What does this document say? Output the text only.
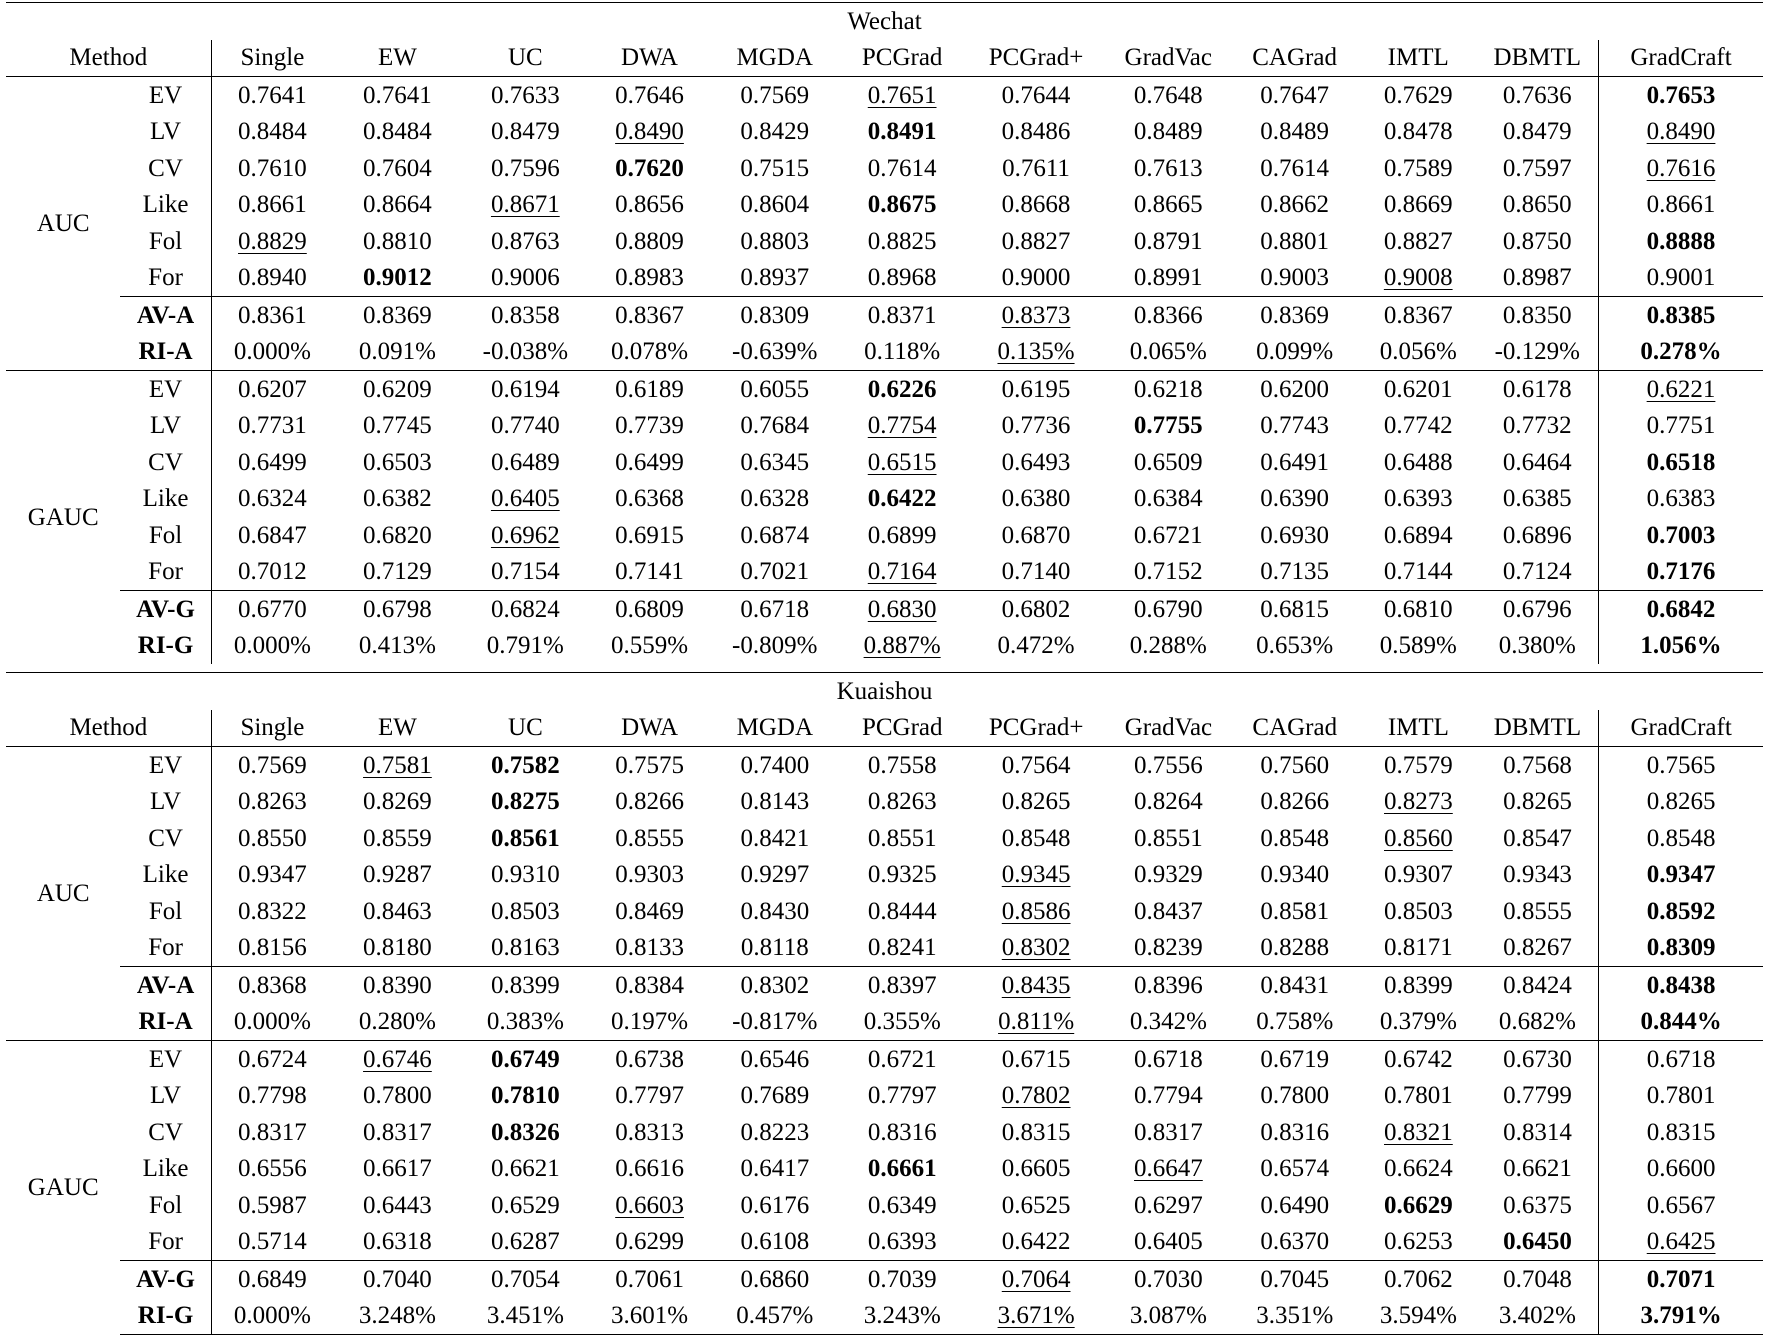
Wechat													
Method		Single	EW	UC	DWA	MGDA	PCGrad	PCGrad+	GradVac	CAGrad	IMTL	DBMTL	GradCraft
AUC	EV	0.7641	0.7641	0.7633	0.7646	0.7569	0.7651	0.7644	0.7648	0.7647	0.7629	0.7636	0.7653
	LV	0.8484	0.8484	0.8479	0.8490	0.8429	0.8491	0.8486	0.8489	0.8489	0.8478	0.8479	0.8490
	CV	0.7610	0.7604	0.7596	0.7620	0.7515	0.7614	0.7611	0.7613	0.7614	0.7589	0.7597	0.7616
	Like	0.8661	0.8664	0.8671	0.8656	0.8604	0.8675	0.8668	0.8665	0.8662	0.8669	0.8650	0.8661
	Fol	0.8829	0.8810	0.8763	0.8809	0.8803	0.8825	0.8827	0.8791	0.8801	0.8827	0.8750	0.8888
	For	0.8940	0.9012	0.9006	0.8983	0.8937	0.8968	0.9000	0.8991	0.9003	0.9008	0.8987	0.9001
	AV-A	0.8361	0.8369	0.8358	0.8367	0.8309	0.8371	0.8373	0.8366	0.8369	0.8367	0.8350	0.8385
	RI-A	0.000%	0.091%	-0.038%	0.078%	-0.639%	0.118%	0.135%	0.065%	0.099%	0.056%	-0.129%	0.278%
GAUC	EV	0.6207	0.6209	0.6194	0.6189	0.6055	0.6226	0.6195	0.6218	0.6200	0.6201	0.6178	0.6221
	LV	0.7731	0.7745	0.7740	0.7739	0.7684	0.7754	0.7736	0.7755	0.7743	0.7742	0.7732	0.7751
	CV	0.6499	0.6503	0.6489	0.6499	0.6345	0.6515	0.6493	0.6509	0.6491	0.6488	0.6464	0.6518
	Like	0.6324	0.6382	0.6405	0.6368	0.6328	0.6422	0.6380	0.6384	0.6390	0.6393	0.6385	0.6383
	Fol	0.6847	0.6820	0.6962	0.6915	0.6874	0.6899	0.6870	0.6721	0.6930	0.6894	0.6896	0.7003
	For	0.7012	0.7129	0.7154	0.7141	0.7021	0.7164	0.7140	0.7152	0.7135	0.7144	0.7124	0.7176
	AV-G	0.6770	0.6798	0.6824	0.6809	0.6718	0.6830	0.6802	0.6790	0.6815	0.6810	0.6796	0.6842
	RI-G	0.000%	0.413%	0.791%	0.559%	-0.809%	0.887%	0.472%	0.288%	0.653%	0.589%	0.380%	1.056%
Kuaishou													
Method		Single	EW	UC	DWA	MGDA	PCGrad	PCGrad+	GradVac	CAGrad	IMTL	DBMTL	GradCraft
AUC	EV	0.7569	0.7581	0.7582	0.7575	0.7400	0.7558	0.7564	0.7556	0.7560	0.7579	0.7568	0.7565
	LV	0.8263	0.8269	0.8275	0.8266	0.8143	0.8263	0.8265	0.8264	0.8266	0.8273	0.8265	0.8265
	CV	0.8550	0.8559	0.8561	0.8555	0.8421	0.8551	0.8548	0.8551	0.8548	0.8560	0.8547	0.8548
	Like	0.9347	0.9287	0.9310	0.9303	0.9297	0.9325	0.9345	0.9329	0.9340	0.9307	0.9343	0.9347
	Fol	0.8322	0.8463	0.8503	0.8469	0.8430	0.8444	0.8586	0.8437	0.8581	0.8503	0.8555	0.8592
	For	0.8156	0.8180	0.8163	0.8133	0.8118	0.8241	0.8302	0.8239	0.8288	0.8171	0.8267	0.8309
	AV-A	0.8368	0.8390	0.8399	0.8384	0.8302	0.8397	0.8435	0.8396	0.8431	0.8399	0.8424	0.8438
	RI-A	0.000%	0.280%	0.383%	0.197%	-0.817%	0.355%	0.811%	0.342%	0.758%	0.379%	0.682%	0.844%
GAUC	EV	0.6724	0.6746	0.6749	0.6738	0.6546	0.6721	0.6715	0.6718	0.6719	0.6742	0.6730	0.6718
	LV	0.7798	0.7800	0.7810	0.7797	0.7689	0.7797	0.7802	0.7794	0.7800	0.7801	0.7799	0.7801
	CV	0.8317	0.8317	0.8326	0.8313	0.8223	0.8316	0.8315	0.8317	0.8316	0.8321	0.8314	0.8315
	Like	0.6556	0.6617	0.6621	0.6616	0.6417	0.6661	0.6605	0.6647	0.6574	0.6624	0.6621	0.6600
	Fol	0.5987	0.6443	0.6529	0.6603	0.6176	0.6349	0.6525	0.6297	0.6490	0.6629	0.6375	0.6567
	For	0.5714	0.6318	0.6287	0.6299	0.6108	0.6393	0.6422	0.6405	0.6370	0.6253	0.6450	0.6425
	AV-G	0.6849	0.7040	0.7054	0.7061	0.6860	0.7039	0.7064	0.7030	0.7045	0.7062	0.7048	0.7071
	RI-G	0.000%	3.248%	3.451%	3.601%	0.457%	3.243%	3.671%	3.087%	3.351%	3.594%	3.402%	3.791%
